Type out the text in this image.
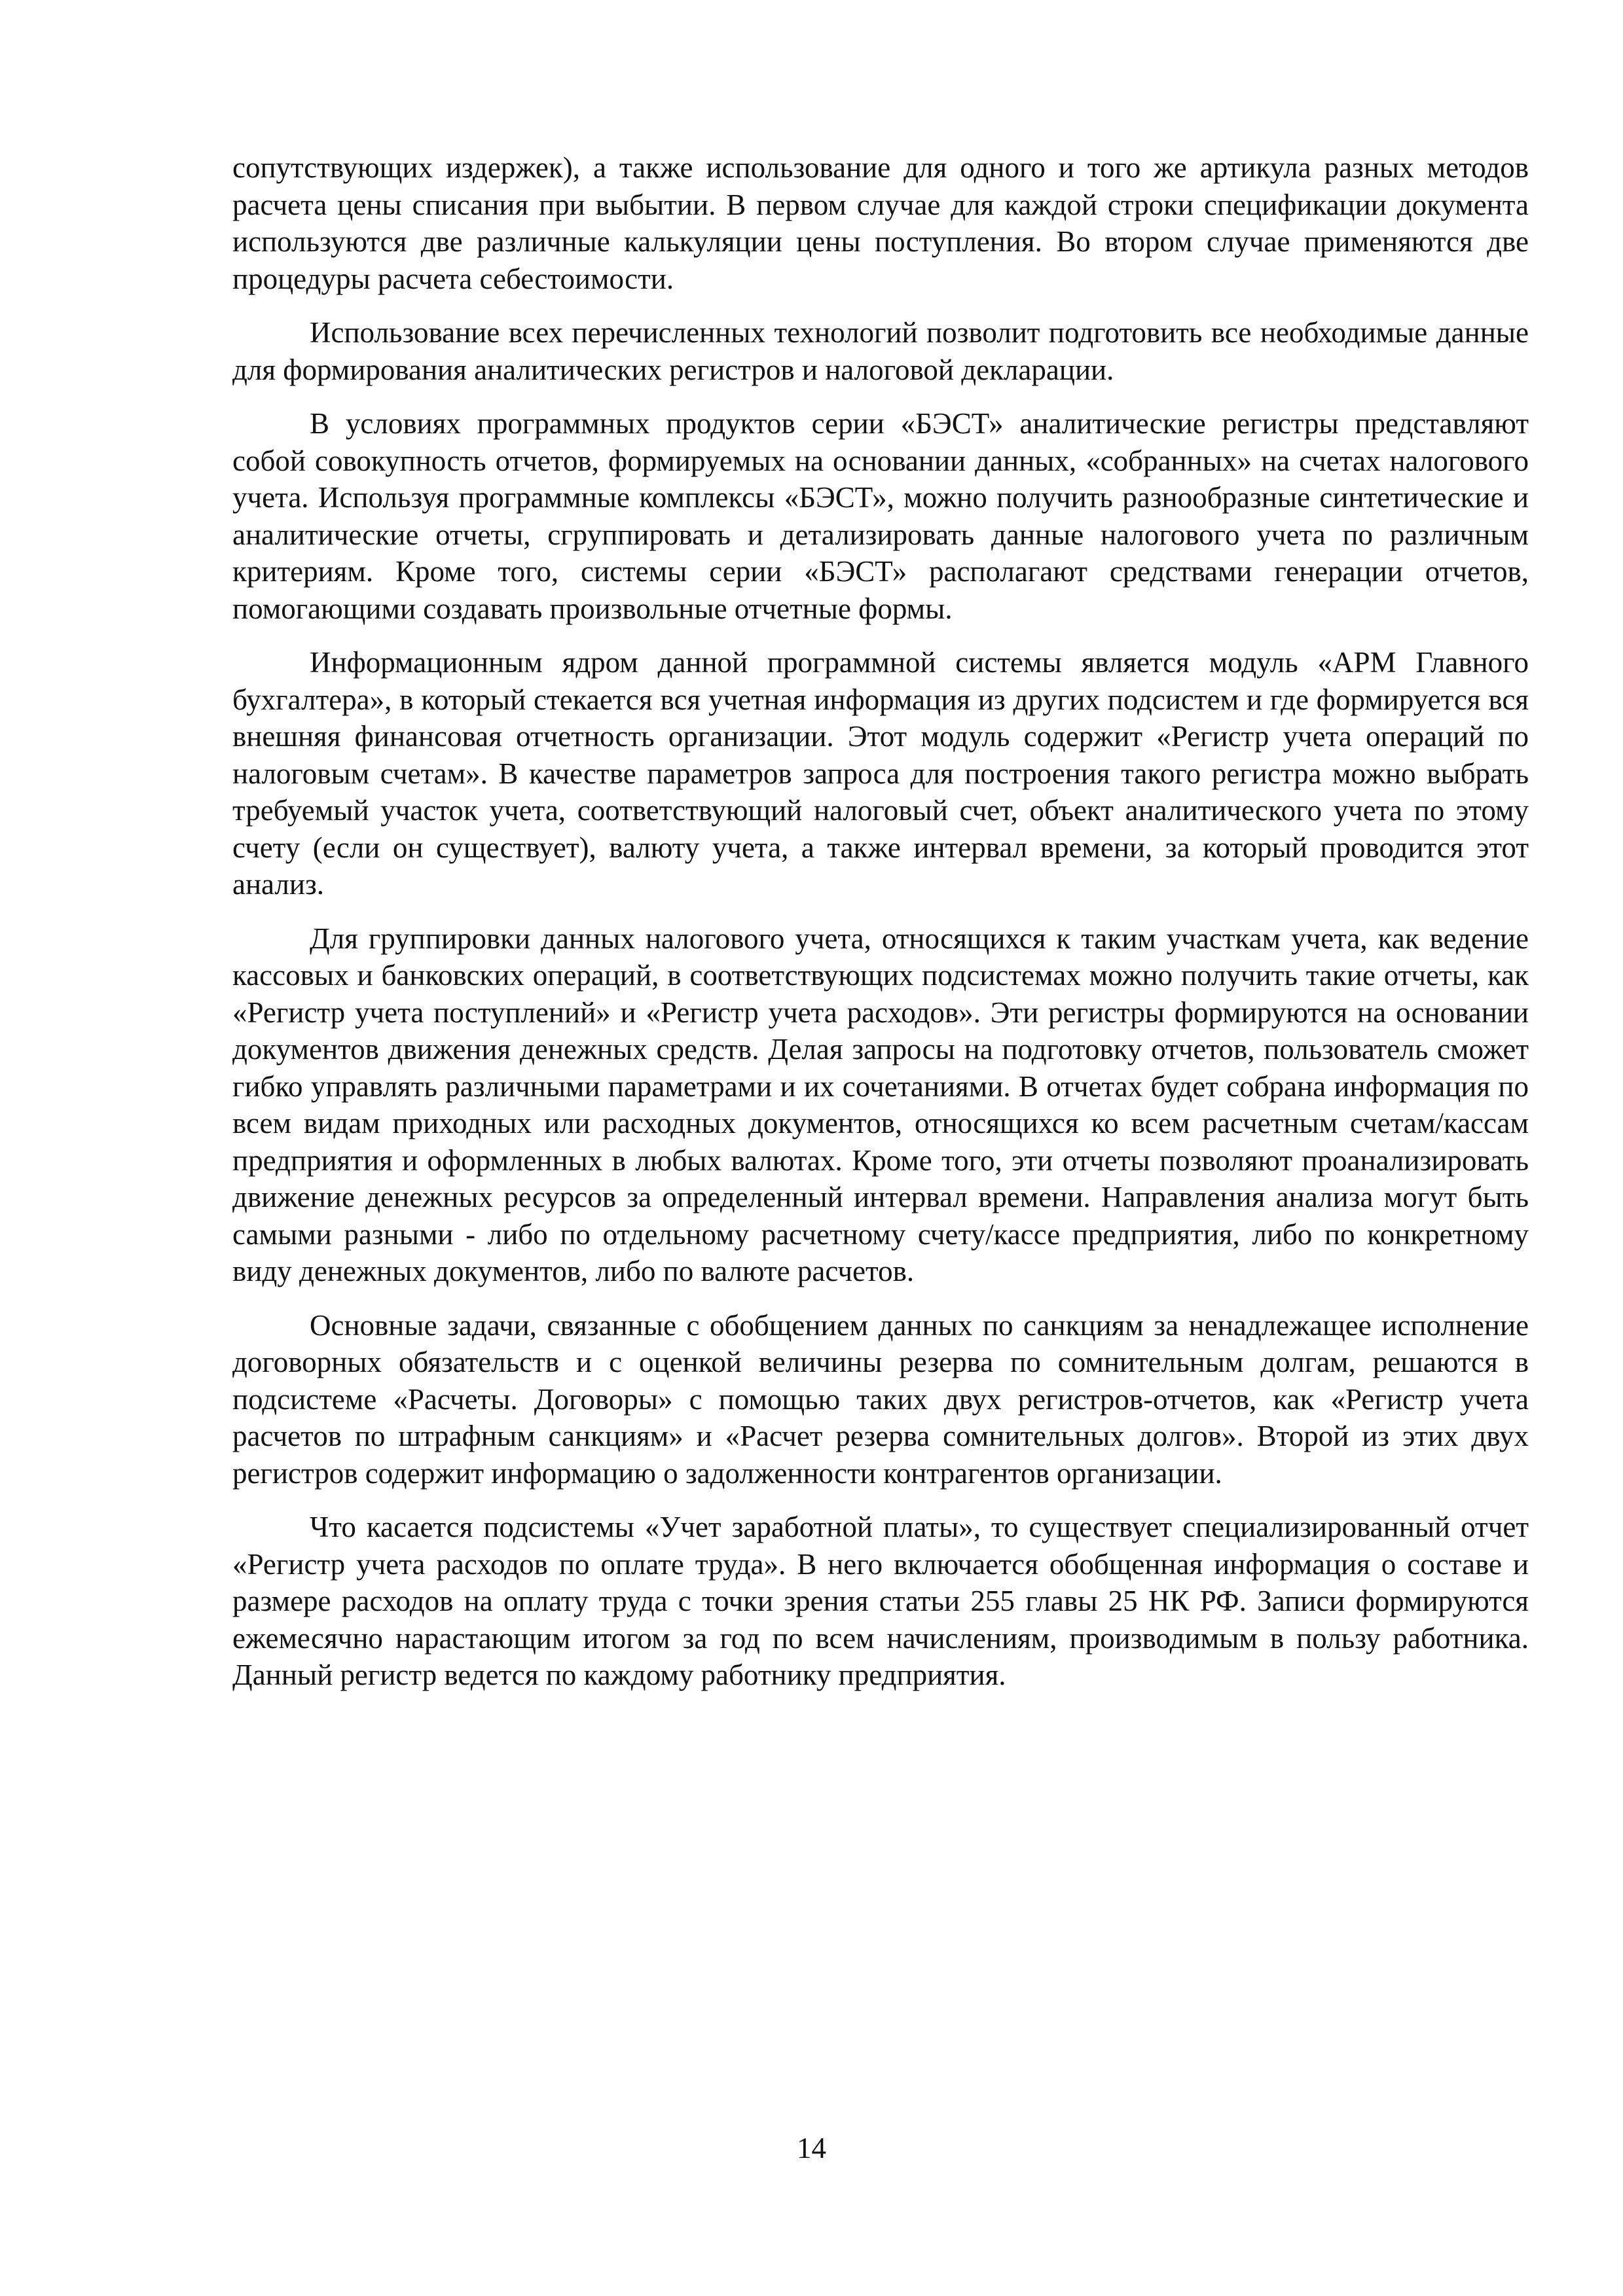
сопутствующих издержек), а также использование для одного и того же артикула разных методов расчета цены списания при выбытии. В первом случае для каждой строки спецификации документа используются две различные калькуляции цены поступления. Во втором случае применяются две процедуры расчета себестоимости.

Использование всех перечисленных технологий позволит подготовить все необходимые данные для формирования аналитических регистров и налоговой декларации.

В условиях программных продуктов серии «БЭСТ» аналитические регистры представляют собой совокупность отчетов, формируемых на основании данных, «собранных» на счетах налогового учета. Используя программные комплексы «БЭСТ», можно получить разнообразные синтетические и аналитические отчеты, сгруппировать и детализировать данные налогового учета по различным критериям. Кроме того, системы серии «БЭСТ» располагают средствами генерации отчетов, помогающими создавать произвольные отчетные формы.

Информационным ядром данной программной системы является модуль «АРМ Главного бухгалтера», в который стекается вся учетная информация из других подсистем и где формируется вся внешняя финансовая отчетность организации. Этот модуль содержит «Регистр учета операций по налоговым счетам». В качестве параметров запроса для построения такого регистра можно выбрать требуемый участок учета, соответствующий налоговый счет, объект аналитического учета по этому счету (если он существует), валюту учета, а также интервал времени, за который проводится этот анализ.

Для группировки данных налогового учета, относящихся к таким участкам учета, как ведение кассовых и банковских операций, в соответствующих подсистемах можно получить такие отчеты, как «Регистр учета поступлений» и «Регистр учета расходов». Эти регистры формируются на основании документов движения денежных средств. Делая запросы на подготовку отчетов, пользователь сможет гибко управлять различными параметрами и их сочетаниями. В отчетах будет собрана информация по всем видам приходных или расходных документов, относящихся ко всем расчетным счетам/кассам предприятия и оформленных в любых валютах. Кроме того, эти отчеты позволяют проанализировать движение денежных ресурсов за определенный интервал времени. Направления анализа могут быть самыми разными - либо по отдельному расчетному счету/кассе предприятия, либо по конкретному виду денежных документов, либо по валюте расчетов.

Основные задачи, связанные с обобщением данных по санкциям за ненадлежащее исполнение договорных обязательств и с оценкой величины резерва по сомнительным долгам, решаются в подсистеме «Расчеты. Договоры» с помощью таких двух регистров-отчетов, как «Регистр учета расчетов по штрафным санкциям» и «Расчет резерва сомнительных долгов». Второй из этих двух регистров содержит информацию о задолженности контрагентов организации.

Что касается подсистемы «Учет заработной платы», то существует специализированный отчет «Регистр учета расходов по оплате труда». В него включается обобщенная информация о составе и размере расходов на оплату труда с точки зрения статьи 255 главы 25 НК РФ. Записи формируются ежемесячно нарастающим итогом за год по всем начислениям, производимым в пользу работника. Данный регистр ведется по каждому работнику предприятия.

14
